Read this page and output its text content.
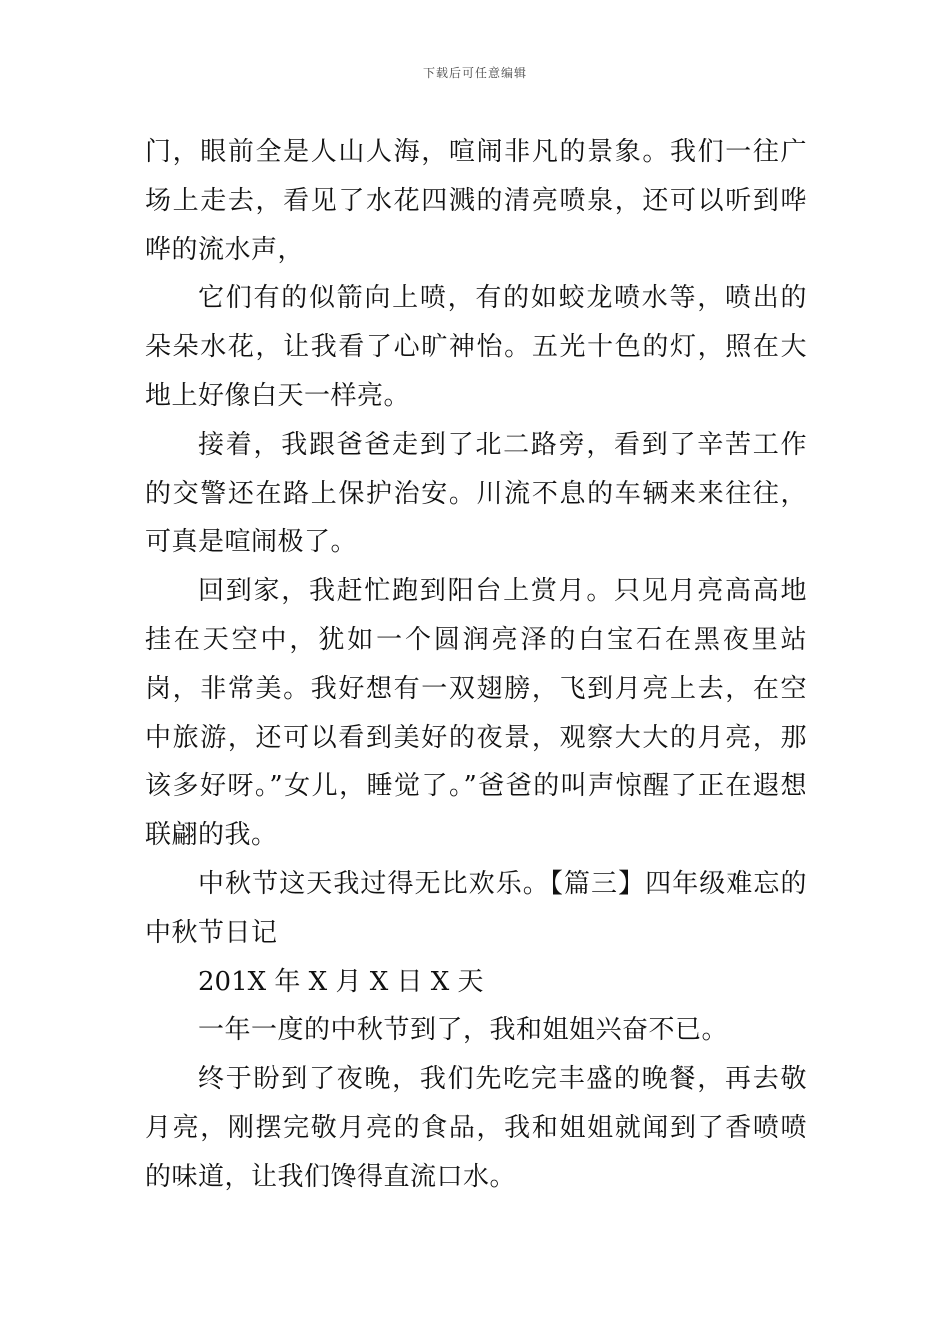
下载后可任意编辑

门，眼前全是人山人海，喧闹非凡的景象。我们一往广场上走去，看见了水花四溅的清亮喷泉，还可以听到哗哗的流水声，

它们有的似箭向上喷，有的如蛟龙喷水等，喷出的朵朵水花，让我看了心旷神怡。五光十色的灯，照在大地上好像白天一样亮。

接着，我跟爸爸走到了北二路旁，看到了辛苦工作的交警还在路上保护治安。川流不息的车辆来来往往，可真是喧闹极了。

回到家，我赶忙跑到阳台上赏月。只见月亮高高地挂在天空中，犹如一个圆润亮泽的白宝石在黑夜里站岗，非常美。我好想有一双翅膀，飞到月亮上去，在空中旅游，还可以看到美好的夜景，观察大大的月亮，那该多好呀。”女儿，睡觉了。”爸爸的叫声惊醒了正在遐想联翩的我。

中秋节这天我过得无比欢乐。【篇三】四年级难忘的中秋节日记

201X 年 X 月 X 日 X 天

一年一度的中秋节到了，我和姐姐兴奋不已。

终于盼到了夜晚，我们先吃完丰盛的晚餐，再去敬月亮，刚摆完敬月亮的食品，我和姐姐就闻到了香喷喷的味道，让我们馋得直流口水。
